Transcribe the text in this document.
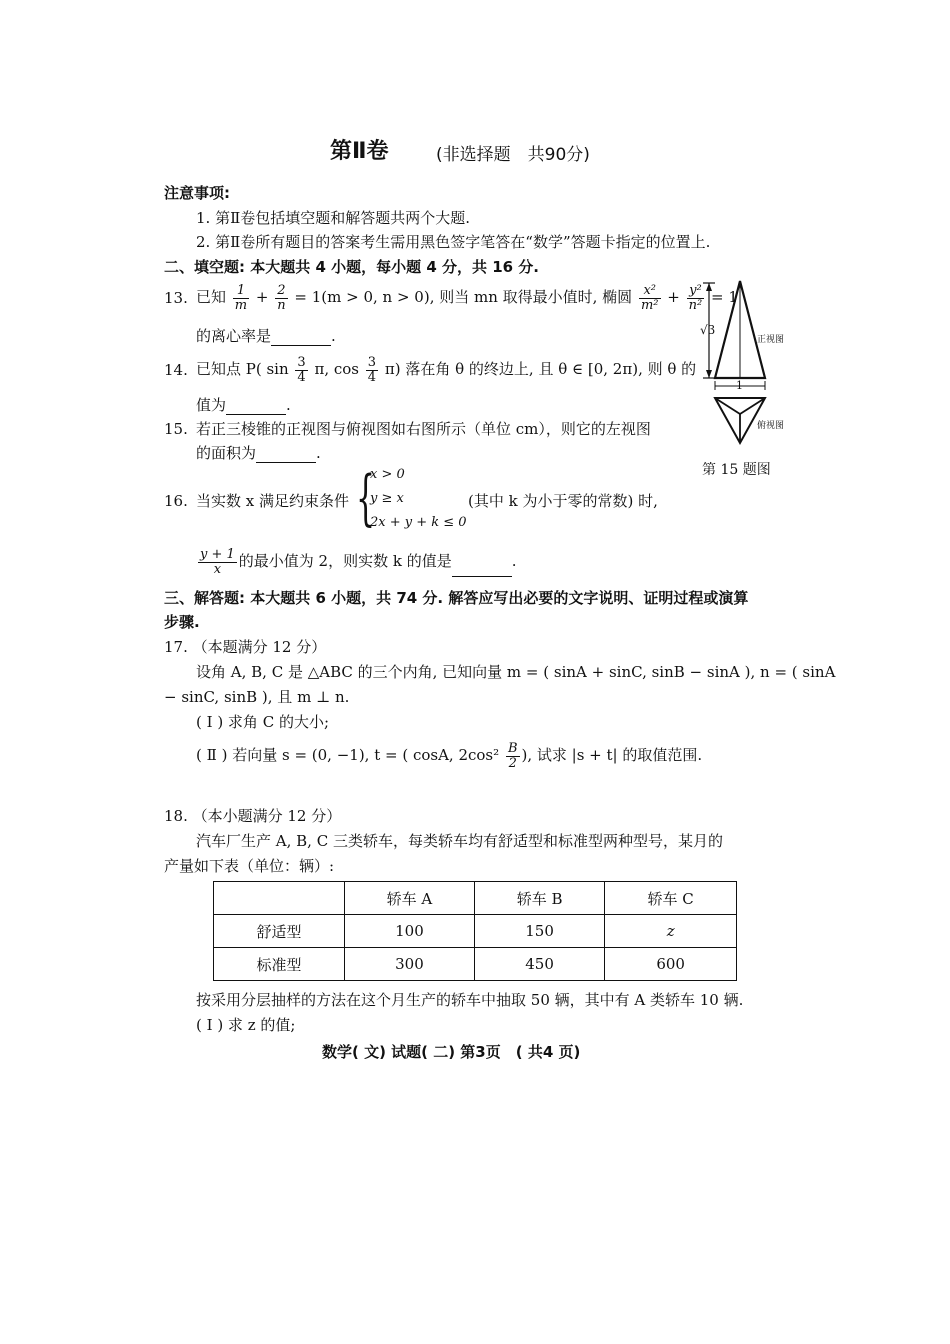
第Ⅱ卷	(非选择题　共90分)
注意事项:
1. 第Ⅱ卷包括填空题和解答题共两个大题.
2. 第Ⅱ卷所有题目的答案考生需用黑色签字笔答在“数学”答题卡指定的位置上.
二、填空题: 本大题共 4 小题，每小题 4 分，共 16 分.
13. 已知 $\frac{1}{m} + \frac{2}{n} = 1(m > 0$, n > 0), 则当 mn 取得最小值时, 椭圆 $\frac{\text{x²}}{\text{m²}} + \frac{\text{y²}}{\text{n²}} = 1$
的离心率是	.
14. 已知点 P( $\sin \frac{3}{4} \pi$, $\cos \frac{3}{4} \pi$) 落在角 θ 的终边上, 且 θ ∈ [0, 2π), 则 θ 的
值为	.
15. 若正三棱锥的正视图与俯视图如右图所示（单位 cm），则它的左视图
的面积为	.
√3
1
正视图
俯视图
第 15 题图
16. 当实数 x 满足约束条件 {
x > 0
y ≥ x
2x + y + k ≤ 0
(其中 k 为小于零的常数) 时,
$\frac{y + 1}{x}$ 的最小值为 2，则实数 k 的值是	.
三、解答题: 本大题共 6 小题，共 74 分. 解答应写出必要的文字说明、证明过程或演算
步骤.
17. （本题满分 12 分）
设角 A, B, C 是 △ABC 的三个内角, 已知向量 m = ( sinA + sinC, sinB − sinA ), n = ( sinA
− sinC, sinB ), 且 m ⊥ n.
( Ⅰ ) 求角 C 的大小;
( Ⅱ ) 若向量 s = (0, −1), t = ( cosA, $2\cos^2 \frac{B}{2}$ ), 试求 |s + t| 的取值范围.
18. （本小题满分 12 分）
汽车厂生产 A, B, C 三类轿车，每类轿车均有舒适型和标准型两种型号，某月的
产量如下表（单位：辆）:
	轿车 A	轿车 B	轿车 C
舒适型	100	150	z
标准型	300	450	600
按采用分层抽样的方法在这个月生产的轿车中抽取 50 辆，其中有 A 类轿车 10 辆.
( Ⅰ ) 求 z 的值;
数学( 文) 试题( 二) 第3页　( 共4 页)
